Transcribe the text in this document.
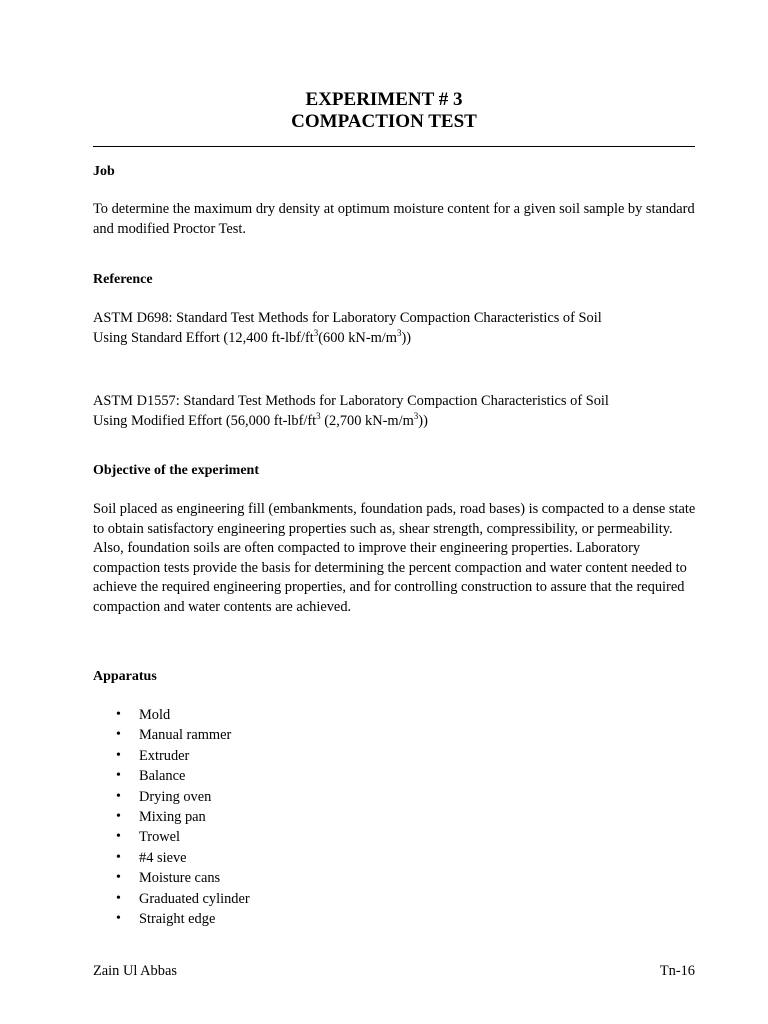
EXPERIMENT # 3
COMPACTION TEST
Job
To determine the maximum dry density at optimum moisture content for a given soil sample by standard and modified Proctor Test.
Reference
ASTM D698: Standard Test Methods for Laboratory Compaction Characteristics of Soil
Using Standard Effort (12,400 $ft-lbf/ft^3(600$ $kN-m/m^3$))
ASTM D1557: Standard Test Methods for Laboratory Compaction Characteristics of Soil
Using Modified Effort (56,000 $ft-lbf/ft^3$ (2,700 $kN-m/m^3$))
Objective of the experiment
Soil placed as engineering fill (embankments, foundation pads, road bases) is compacted to a dense state to obtain satisfactory engineering properties such as, shear strength, compressibility, or permeability. Also, foundation soils are often compacted to improve their engineering properties. Laboratory compaction tests provide the basis for determining the percent compaction and water content needed to achieve the required engineering properties, and for controlling construction to assure that the required compaction and water contents are achieved.
Apparatus
• Mold
• Manual rammer
• Extruder
• Balance
• Drying oven
• Mixing pan
• Trowel
• #4 sieve
• Moisture cans
• Graduated cylinder
• Straight edge
Zain Ul Abbas	Tn-16
